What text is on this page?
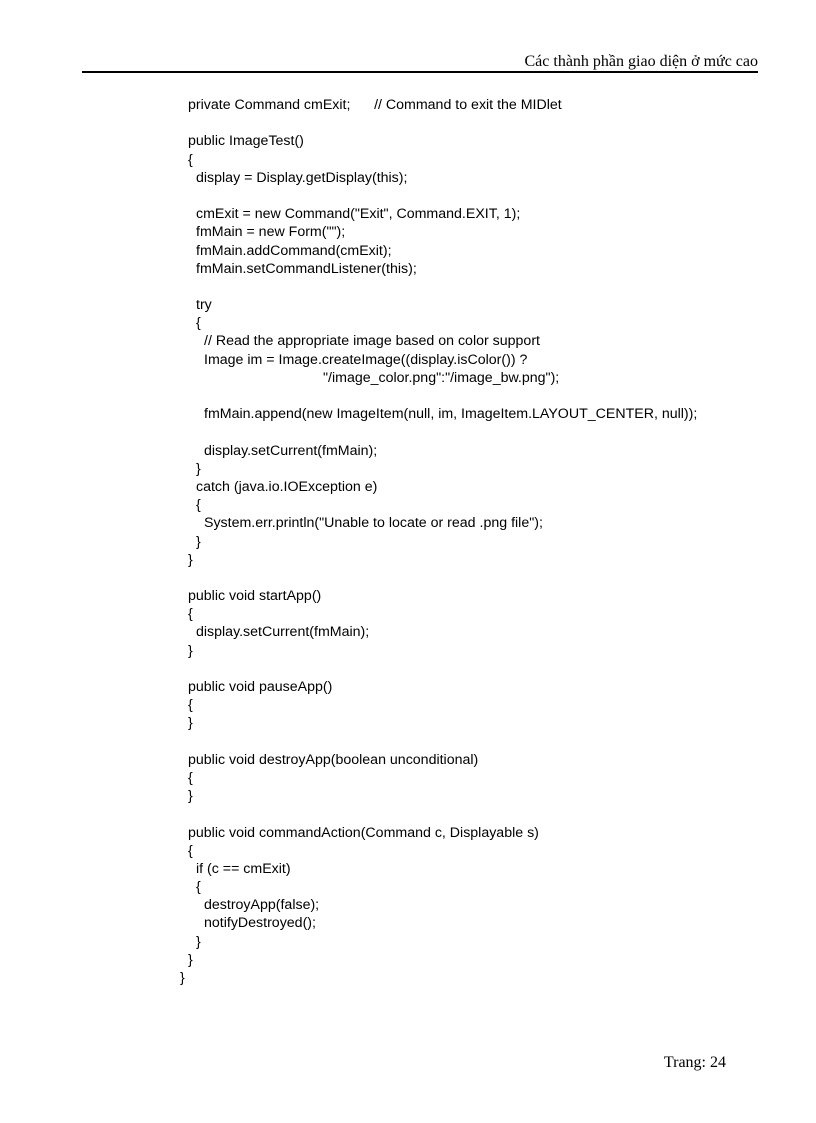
Các thành phần giao diện ở mức cao
private Command cmExit;      // Command to exit the MIDlet
public ImageTest()
{
display = Display.getDisplay(this);
cmExit = new Command("Exit", Command.EXIT, 1);
fmMain = new Form("");
fmMain.addCommand(cmExit);
fmMain.setCommandListener(this);
try
{
// Read the appropriate image based on color support
Image im = Image.createImage((display.isColor()) ?
"/image_color.png":"/image_bw.png");
fmMain.append(new ImageItem(null, im, ImageItem.LAYOUT_CENTER, null));
display.setCurrent(fmMain);
}
catch (java.io.IOException e)
{
System.err.println("Unable to locate or read .png file");
}
}
public void startApp()
{
display.setCurrent(fmMain);
}
public void pauseApp()
{
}
public void destroyApp(boolean unconditional)
{
}
public void commandAction(Command c, Displayable s)
{
if (c == cmExit)
{
destroyApp(false);
notifyDestroyed();
}
}
}
Trang: 24
